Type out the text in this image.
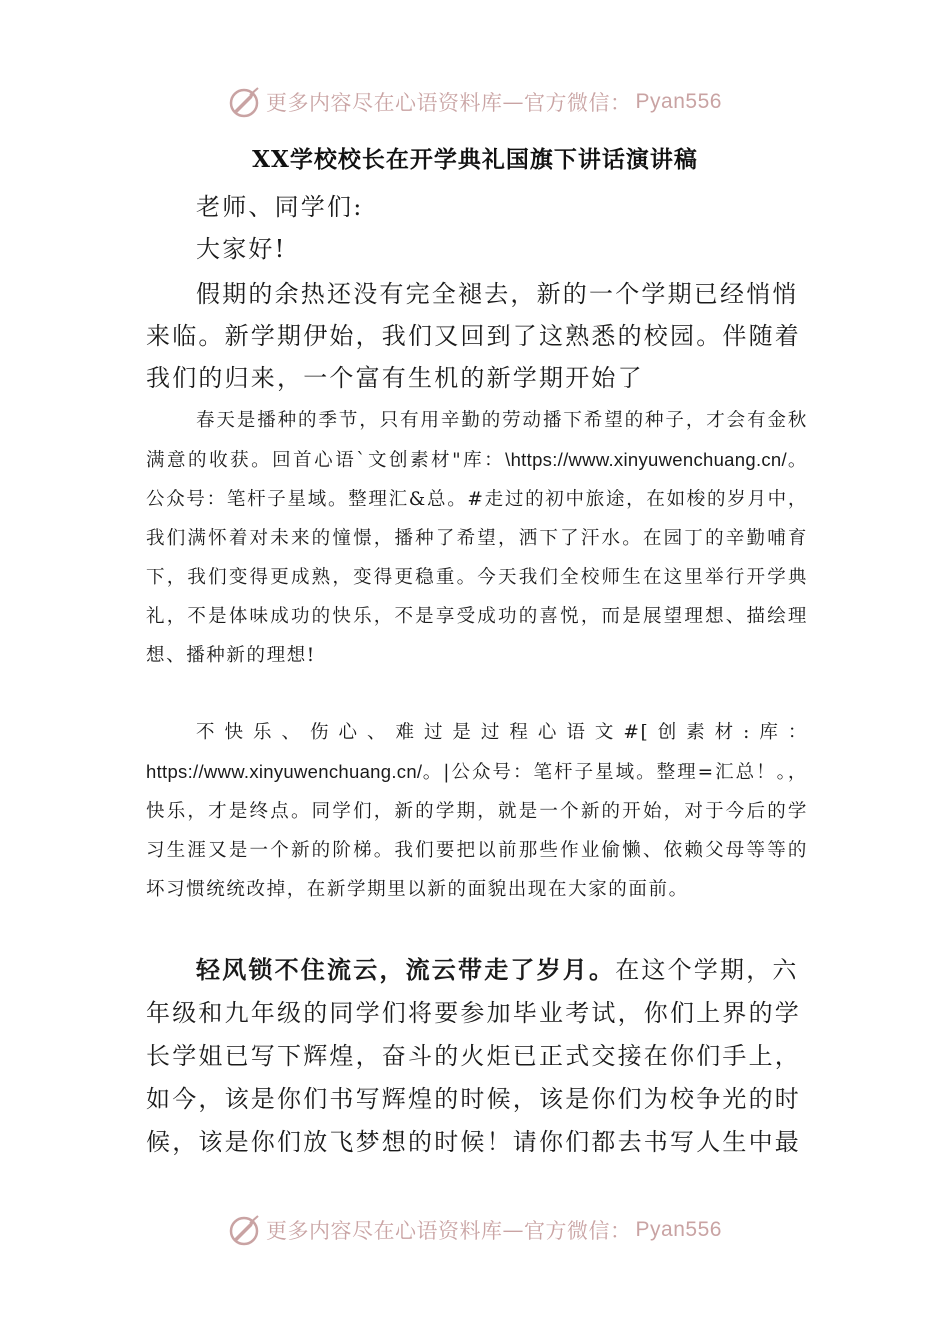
更多内容尽在心语资料库 — 官方微信： Pyan556
XX学校校长在开学典礼国旗下讲话演讲稿

老师、同学们:

大家好!

假期的余热还没有完全褪去，新的一个学期已经悄悄来临。新学期伊始，我们又回到了这熟悉的校园。伴随着我们的归来，一个富有生机的新学期开始了

春天是播种的季节，只有用辛勤的劳动播下希望的种子，才会有金秋满意的收获。回首心语`文创素材"库：\https://www.xinyuwenchuang.cn/。公众号：笔杆子星域。整理汇&总。#走过的初中旅途，在如梭的岁月中，我们满怀着对未来的憧憬，播种了希望，洒下了汗水。在园丁的辛勤哺育下，我们变得更成熟，变得更稳重。今天我们全校师生在这里举行开学典礼，不是体味成功的快乐，不是享受成功的喜悦，而是展望理想、描绘理想、播种新的理想!

不快乐、伤心、难过是过程心语文#[创素材:库：https://www.xinyuwenchuang.cn/。|公众号：笔杆子星域。整理=汇总！。，快乐，才是终点。同学们，新的学期，就是一个新的开始，对于今后的学习生涯又是一个新的阶梯。我们要把以前那些作业偷懒、依赖父母等等的坏习惯统统改掉，在新学期里以新的面貌出现在大家的面前。

轻风锁不住流云，流云带走了岁月。在这个学期，六年级和九年级的同学们将要参加毕业考试，你们上界的学长学姐已写下辉煌，奋斗的火炬已正式交接在你们手上，如今，该是你们书写辉煌的时候，该是你们为校争光的时候，该是你们放飞梦想的时候！请你们都去书写人生中最

更多内容尽在心语资料库 — 官方微信： Pyan556
